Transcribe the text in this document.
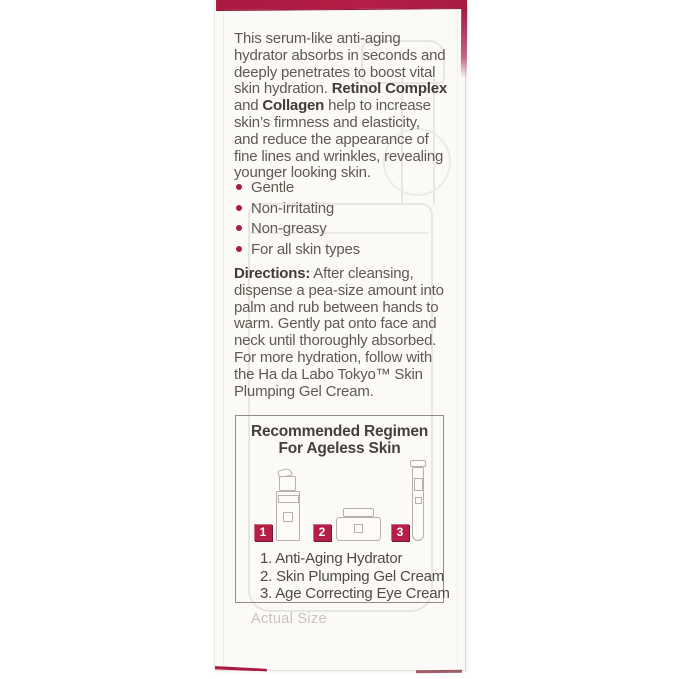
This serum-like anti-aging
hydrator absorbs in seconds and
deeply penetrates to boost vital
skin hydration. Retinol Complex
and Collagen help to increase
skin’s firmness and elasticity,
and reduce the appearance of
fine lines and wrinkles, revealing
younger looking skin.
Gentle
Non-irritating
Non-greasy
For all skin types
Directions: After cleansing,
dispense a pea-size amount into
palm and rub between hands to
warm. Gently pat onto face and
neck until thoroughly absorbed.
For more hydration, follow with
the Ha da Labo Tokyo™ Skin
Plumping Gel Cream.
Recommended Regimen
For Ageless Skin
1	2	3
1. Anti-Aging Hydrator
2. Skin Plumping Gel Cream
3. Age Correcting Eye Cream
Actual Size
